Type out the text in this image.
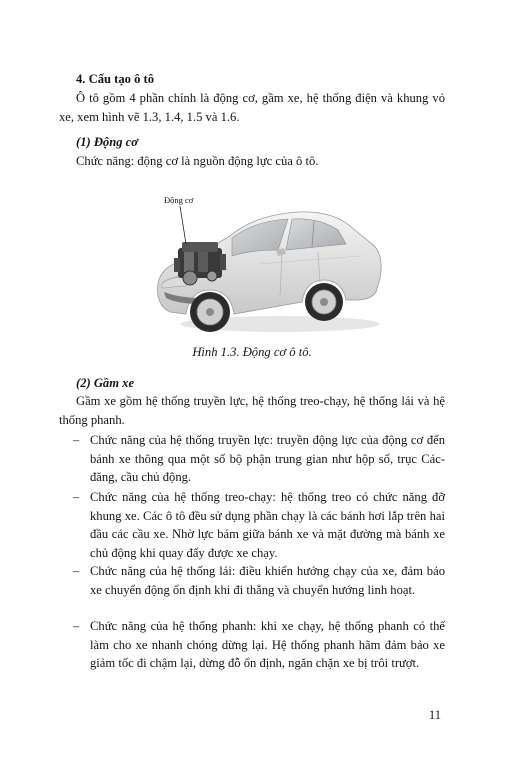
4. Cấu tạo ô tô

Ô tô gồm 4 phần chính là động cơ, gầm xe, hệ thống điện và khung vỏ xe, xem hình vẽ 1.3, 1.4, 1.5 và 1.6.

(1) Động cơ

Chức năng: động cơ là nguồn động lực của ô tô.

Động cơ
Hình 1.3. Động cơ ô tô.

(2) Gầm xe

Gầm xe gồm hệ thống truyền lực, hệ thống treo-chạy, hệ thống lái và hệ thống phanh.

– Chức năng của hệ thống truyền lực: truyền động lực của động cơ đến bánh xe thông qua một số bộ phận trung gian như hộp số, trục Các-đăng, cầu chủ động.
– Chức năng của hệ thống treo-chạy: hệ thống treo có chức năng đỡ khung xe. Các ô tô đều sử dụng phần chạy là các bánh hơi lắp trên hai đầu các cầu xe. Nhờ lực bám giữa bánh xe và mặt đường mà bánh xe chủ động khi quay đẩy được xe chạy.
– Chức năng của hệ thống lái: điều khiển hướng chạy của xe, đảm bảo xe chuyển động ổn định khi đi thẳng và chuyển hướng linh hoạt.
– Chức năng của hệ thống phanh: khi xe chạy, hệ thống phanh có thể làm cho xe nhanh chóng dừng lại. Hệ thống phanh hãm đảm bảo xe giảm tốc đi chậm lại, dừng đỗ ổn định, ngăn chặn xe bị trôi trượt.
11
